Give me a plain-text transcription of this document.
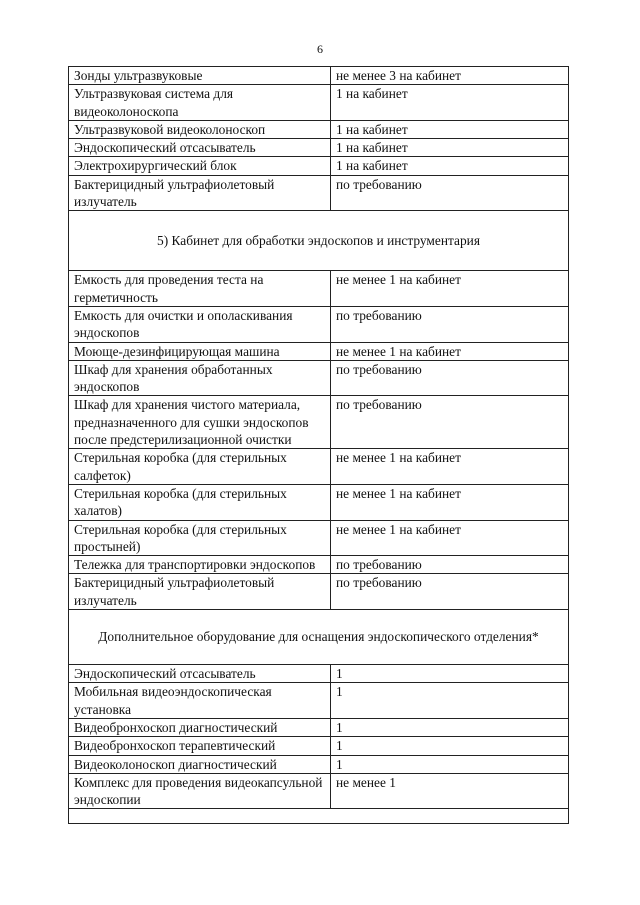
6
Зонды ультразвуковые	не менее 3 на кабинет
Ультразвуковая система для видеоколоноскопа	1 на кабинет
Ультразвуковой видеоколоноскоп	1 на кабинет
Эндоскопический отсасыватель	1 на кабинет
Электрохирургический блок	1 на кабинет
Бактерицидный ультрафиолетовый излучатель	по требованию
5) Кабинет для обработки эндоскопов и инструментария	
Емкость для проведения теста на герметичность	не менее 1 на кабинет
Емкость для очистки и ополаскивания эндоскопов	по требованию
Моюще-дезинфицирующая машина	не менее 1 на кабинет
Шкаф для хранения обработанных эндоскопов	по требованию
Шкаф для хранения чистого материала, предназначенного для сушки эндоскопов после предстерилизационной очистки	по требованию
Стерильная коробка (для стерильных салфеток)	не менее 1 на кабинет
Стерильная коробка (для стерильных халатов)	не менее 1 на кабинет
Стерильная коробка (для стерильных простыней)	не менее 1 на кабинет
Тележка для транспортировки эндоскопов	по требованию
Бактерицидный ультрафиолетовый излучатель	по требованию
Дополнительное оборудование для оснащения эндоскопического отделения*	
Эндоскопический отсасыватель	1
Мобильная видеоэндоскопическая установка	1
Видеобронхоскоп диагностический	1
Видеобронхоскоп терапевтический	1
Видеоколоноскоп диагностический	1
Комплекс для проведения видеокапсульной эндоскопии	не менее 1
